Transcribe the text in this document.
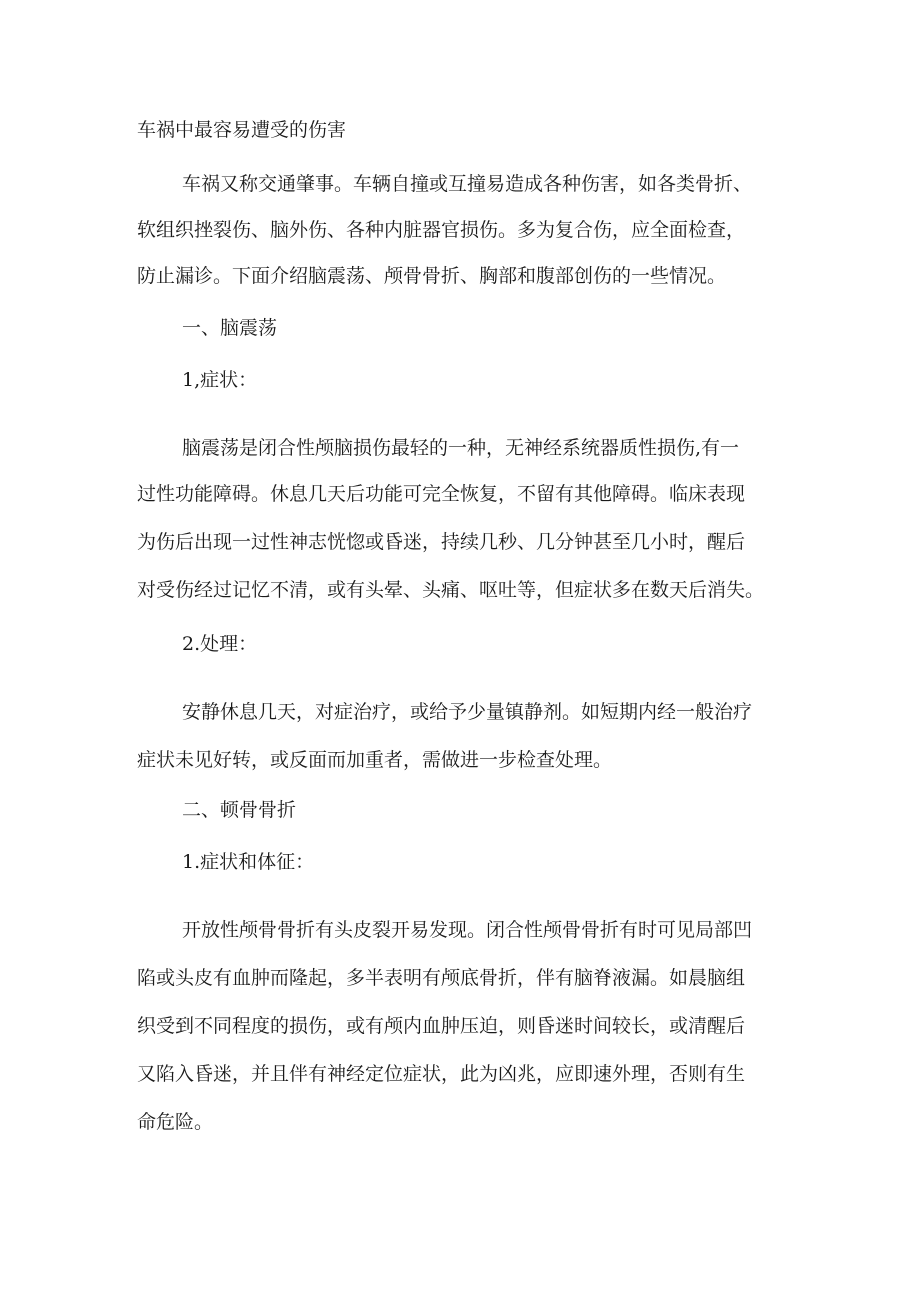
车祸中最容易遭受的伤害

车祸又称交通肇事。车辆自撞或互撞易造成各种伤害，如各类骨折、

软组织挫裂伤、脑外伤、各种内脏器官损伤。多为复合伤，应全面检查，

防止漏诊。下面介绍脑震荡、颅骨骨折、胸部和腹部创伤的一些情况。

一、脑震荡

1,症状：

脑震荡是闭合性颅脑损伤最轻的一种，无神经系统器质性损伤,有一

过性功能障碍。休息几天后功能可完全恢复，不留有其他障碍。临床表现

为伤后出现一过性神志恍惚或昏迷，持续几秒、几分钟甚至几小时，醒后

对受伤经过记忆不清，或有头晕、头痛、呕吐等，但症状多在数天后消失。

2.处理：

安静休息几天，对症治疗，或给予少量镇静剂。如短期内经一般治疗

症状未见好转，或反面而加重者，需做进一步检查处理。

二、顿骨骨折

1.症状和体征：

开放性颅骨骨折有头皮裂开易发现。闭合性颅骨骨折有时可见局部凹

陷或头皮有血肿而隆起，多半表明有颅底骨折，伴有脑脊液漏。如晨脑组

织受到不同程度的损伤，或有颅内血肿压迫，则昏迷时间较长，或清醒后

又陷入昏迷，并且伴有神经定位症状，此为凶兆，应即速外理，否则有生

命危险。
